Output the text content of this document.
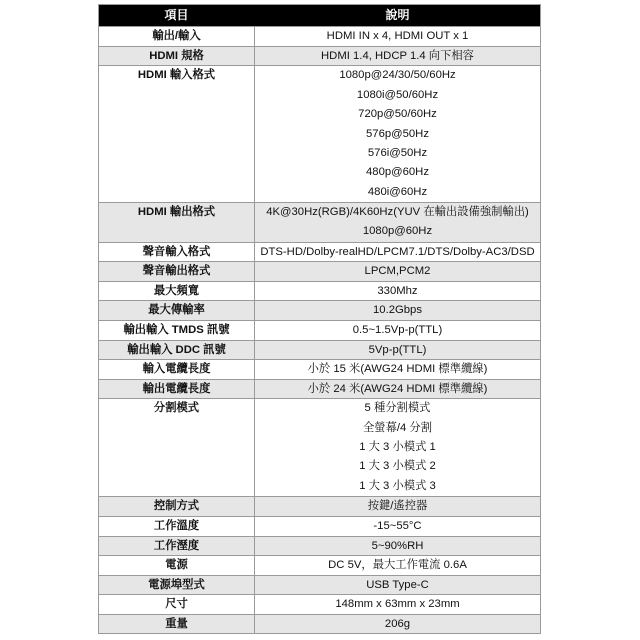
項目	說明
輸出/輸入	HDMI IN x 4, HDMI OUT x 1
HDMI 規格	HDMI 1.4, HDCP 1.4 向下相容
HDMI 輸入格式	1080p@24/30/50/60Hz
1080i@50/60Hz
720p@50/60Hz
576p@50Hz
576i@50Hz
480p@60Hz
480i@60Hz
HDMI 輸出格式	4K@30Hz(RGB)/4K60Hz(YUV 在輸出設備強制輸出)
1080p@60Hz
聲音輸入格式	DTS-HD/Dolby-realHD/LPCM7.1/DTS/Dolby-AC3/DSD
聲音輸出格式	LPCM,PCM2
最大頻寬	330Mhz
最大傳輸率	10.2Gbps
輸出輸入 TMDS 訊號	0.5~1.5Vp-p(TTL)
輸出輸入 DDC 訊號	5Vp-p(TTL)
輸入電纜長度	小於 15 米(AWG24 HDMI 標準纜線)
輸出電纜長度	小於 24 米(AWG24 HDMI 標準纜線)
分割模式	5 種分割模式
全螢幕/4 分割
1 大 3 小模式 1
1 大 3 小模式 2
1 大 3 小模式 3
控制方式	按鍵/遙控器
工作溫度	-15~55°C
工作溼度	5~90%RH
電源	DC 5V，最大工作電流 0.6A
電源埠型式	USB Type-C
尺寸	148mm x 63mm x 23mm
重量	206g
